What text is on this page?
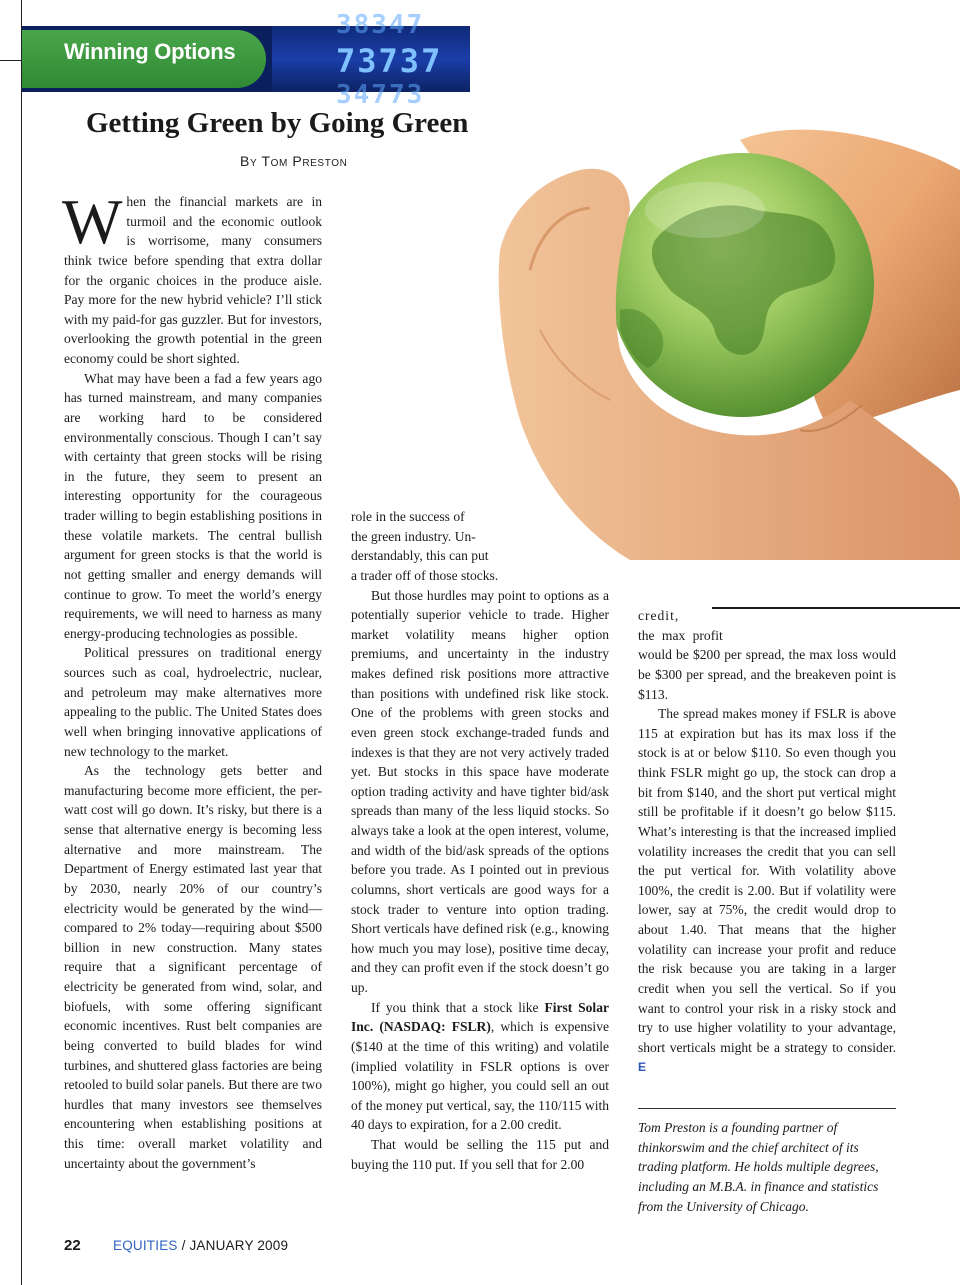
38347
73737
34773
Winning Options
Getting Green by Going Green
By Tom Preston

When the financial markets are in turmoil and the economic outlook is worrisome, many consumers think twice before spending that extra dollar for the organic choices in the produce aisle. Pay more for the new hybrid vehicle? I’ll stick with my paid-for gas guzzler. But for investors, overlooking the growth potential in the green economy could be short sighted.

What may have been a fad a few years ago has turned mainstream, and many companies are working hard to be considered environmentally conscious. Though I can’t say with certainty that green stocks will be rising in the future, they seem to present an interesting opportunity for the courageous trader willing to begin establishing positions in these volatile markets. The central bullish argument for green stocks is that the world is not getting smaller and energy demands will continue to grow. To meet the world’s energy requirements, we will need to harness as many energy-producing technologies as possible.

Political pressures on traditional energy sources such as coal, hydroelectric, nuclear, and petroleum may make alternatives more appealing to the public. The United States does well when bringing innovative applications of new technology to the market.

As the technology gets better and manufacturing become more efficient, the per-watt cost will go down. It’s risky, but there is a sense that alternative energy is becoming less alternative and more mainstream. The Department of Energy estimated last year that by 2030, nearly 20% of our country’s electricity would be generated by the wind—compared to 2% today—requiring about $500 billion in new construction. Many states require that a significant percentage of electricity be generated from wind, solar, and biofuels, with some offering significant economic incentives. Rust belt companies are being converted to build blades for wind turbines, and shuttered glass factories are being retooled to build solar panels. But there are two hurdles that many investors see themselves encountering when establishing positions at this time: overall market volatility and uncertainty about the government’s

role in the success of
the green industry. Un-
derstandably, this can put
a trader off of those stocks.

But those hurdles may point to options as a potentially superior vehicle to trade. Higher market volatility means higher option premiums, and uncertainty in the industry makes defined risk positions more attractive than positions with undefined risk like stock. One of the problems with green stocks and even green stock exchange-traded funds and indexes is that they are not very actively traded yet. But stocks in this space have moderate option trading activity and have tighter bid/ask spreads than many of the less liquid stocks. So always take a look at the open interest, volume, and width of the bid/ask spreads of the options before you trade. As I pointed out in previous columns, short verticals are good ways for a stock trader to venture into option trading. Short verticals have defined risk (e.g., knowing how much you may lose), positive time decay, and they can profit even if the stock doesn’t go up.

If you think that a stock like First Solar Inc. (NASDAQ: FSLR), which is expensive ($140 at the time of this writing) and volatile (implied volatility in FSLR options is over 100%), might go higher, you could sell an out of the money put vertical, say, the 110/115 with 40 days to expiration, for a 2.00 credit.

That would be selling the 115 put and buying the 110 put. If you sell that for 2.00

credit,
the max profit

would be $200 per spread, the max loss would be $300 per spread, and the breakeven point is $113.

The spread makes money if FSLR is above 115 at expiration but has its max loss if the stock is at or below $110. So even though you think FSLR might go up, the stock can drop a bit from $140, and the short put vertical might still be profitable if it doesn’t go below $115. What’s interesting is that the increased implied volatility increases the credit that you can sell the put vertical for. With volatility above 100%, the credit is 2.00. But if volatility were lower, say at 75%, the credit would drop to about 1.40. That means that the higher volatility can increase your profit and reduce the risk because you are taking in a larger credit when you sell the vertical. So if you want to control your risk in a risky stock and try to use higher volatility to your advantage, short verticals might be a strategy to consider. E

Tom Preston is a founding partner of thinkorswim and the chief architect of its trading platform. He holds multiple degrees, including an M.B.A. in finance and statistics from the University of Chicago.
22 EQUITIES / JANUARY 2009
